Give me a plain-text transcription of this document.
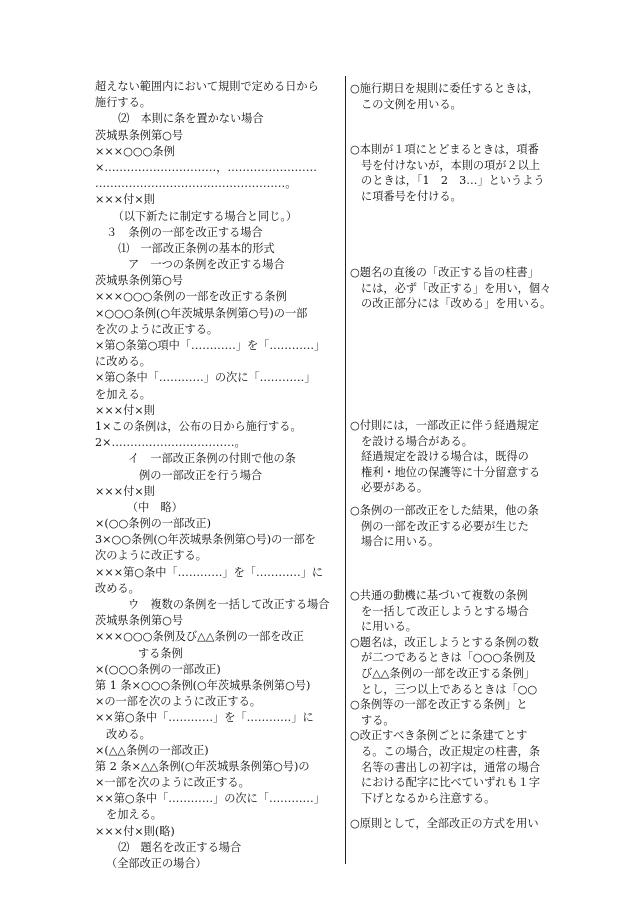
超えない範囲内において規則で定める日から
施行する。
⑵　本則に条を置かない場合
茨城県条例第○号
×××○○○条例
×…………………………，……………………
……………………………………………。
×××付×則
（以下新たに制定する場合と同じ。）
３　条例の一部を改正する場合
⑴　一部改正条例の基本的形式
ア　一つの条例を改正する場合
茨城県条例第○号
×××○○○条例の一部を改正する条例
×○○○条例(○年茨城県条例第○号)の一部
を次のように改正する。
×第○条第○項中「…………」を「…………」
に改める。
×第○条中「…………」の次に「…………」
を加える。
×××付×則
1×この条例は，公布の日から施行する。
2×……………………………。
イ　一部改正条例の付則で他の条
例の一部改正を行う場合
×××付×則
（中　略）
×(○○条例の一部改正)
3×○○条例(○年茨城県条例第○号)の一部を
次のように改正する。
×××第○条中「…………」を「…………」に
改める。
ウ　複数の条例を一括して改正する場合
茨城県条例第○号
×××○○○条例及び△△条例の一部を改正
する条例
×(○○○条例の一部改正)
第 1 条×○○○条例(○年茨城県条例第○号)
×の一部を次のように改正する。
××第○条中「…………」を「…………」に
改める。
×(△△条例の一部改正)
第 2 条×△△条例(○年茨城県条例第○号)の
×一部を次のように改正する。
××第○条中「…………」の次に「…………」
を加える。
×××付×則(略)
⑵　題名を改正する場合
（全部改正の場合）
○施行期日を規則に委任するときは，
この文例を用いる。
○本則が１項にとどまるときは，項番
号を付けないが，本則の項が２以上
のときは，「1　2　3…」というよう
に項番号を付ける。
○題名の直後の「改正する旨の柱書」
には，必ず「改正する」を用い，個々
の改正部分には「改める」を用いる。
○付則には，一部改正に伴う経過規定
を設ける場合がある。
経過規定を設ける場合は，既得の
権利・地位の保護等に十分留意する
必要がある。
○条例の一部改正をした結果，他の条
例の一部を改正する必要が生じた
場合に用いる。
○共通の動機に基づいて複数の条例
を一括して改正しようとする場合
に用いる。
○題名は，改正しようとする条例の数
が二つであるときは「○○○条例及
び△△条例の一部を改正する条例」
とし，三つ以上であるときは「○○
○条例等の一部を改正する条例」と
する。
○改正すべき条例ごとに条建てとす
る。この場合，改正規定の柱書，条
名等の書出しの初字は，通常の場合
における配字に比べていずれも１字
下げとなるから注意する。
○原則として，全部改正の方式を用い
